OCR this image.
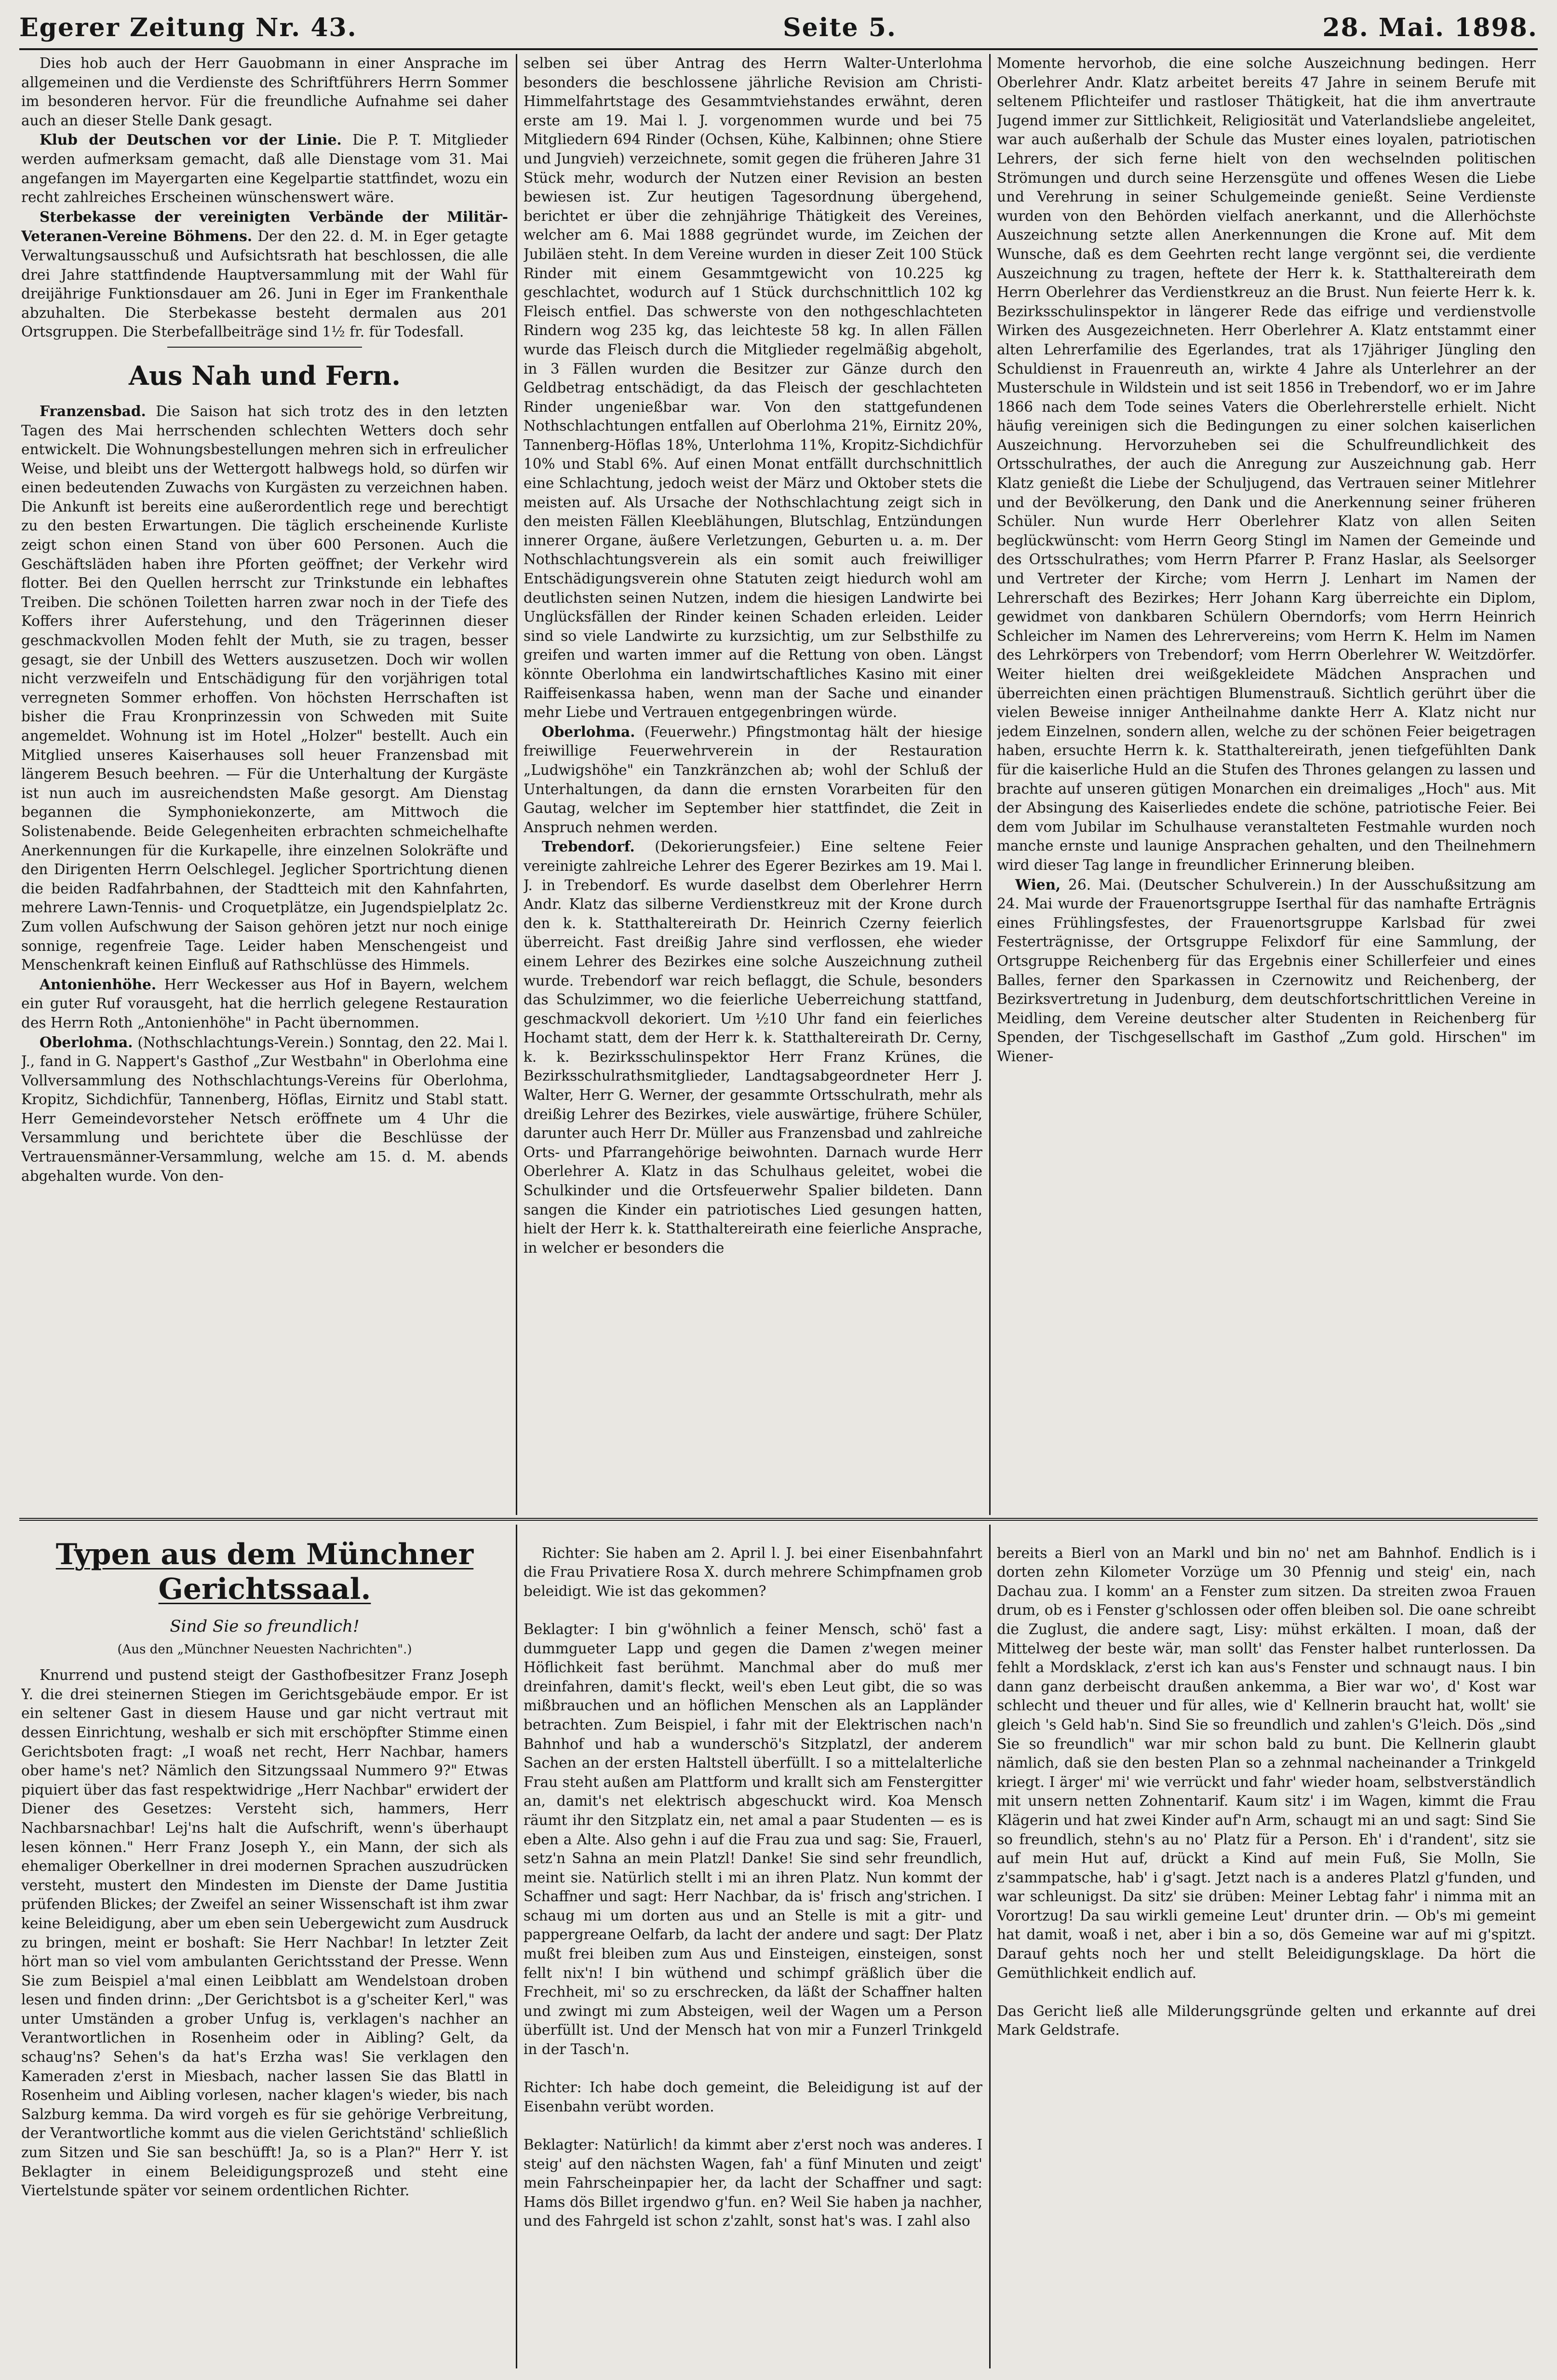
Egerer Zeitung Nr. 43.	Seite 5.	28. Mai. 1898.

Dies hob auch der Herr Gauobmann in einer Ansprache im allgemeinen und die Verdienste des Schriftführers Herrn Sommer im besonderen hervor. Für die freundliche Aufnahme sei daher auch an dieser Stelle Dank gesagt.

Klub der Deutschen vor der Linie. Die P. T. Mitglieder werden aufmerksam gemacht, daß alle Dienstage vom 31. Mai angefangen im Mayergarten eine Kegelpartie stattfindet, wozu ein recht zahlreiches Erscheinen wünschenswert wäre.

Sterbekasse der vereinigten Verbände der Militär-Veteranen-Vereine Böhmens. Der den 22. d. M. in Eger getagte Verwaltungsausschuß und Aufsichtsrath hat beschlossen, die alle drei Jahre stattfindende Hauptversammlung mit der Wahl für dreijährige Funktionsdauer am 26. Juni in Eger im Frankenthale abzuhalten. Die Sterbekasse besteht dermalen aus 201 Ortsgruppen. Die Sterbefallbeiträge sind 1½ fr. für Todesfall.

Aus Nah und Fern.

Franzensbad. Die Saison hat sich trotz des in den letzten Tagen des Mai herrschenden schlechten Wetters doch sehr entwickelt. Die Wohnungsbestellungen mehren sich in erfreulicher Weise, und bleibt uns der Wettergott halbwegs hold, so dürfen wir einen bedeutenden Zuwachs von Kurgästen zu verzeichnen haben. Die Ankunft ist bereits eine außerordentlich rege und berechtigt zu den besten Erwartungen. Die täglich erscheinende Kurliste zeigt schon einen Stand von über 600 Personen. Auch die Geschäftsläden haben ihre Pforten geöffnet; der Verkehr wird flotter. Bei den Quellen herrscht zur Trinkstunde ein lebhaftes Treiben. Die schönen Toiletten harren zwar noch in der Tiefe des Koffers ihrer Auferstehung, und den Trägerinnen dieser geschmackvollen Moden fehlt der Muth, sie zu tragen, besser gesagt, sie der Unbill des Wetters auszusetzen. Doch wir wollen nicht verzweifeln und Entschädigung für den vorjährigen total verregneten Sommer erhoffen. Von höchsten Herrschaften ist bisher die Frau Kronprinzessin von Schweden mit Suite angemeldet. Wohnung ist im Hotel „Holzer" bestellt. Auch ein Mitglied unseres Kaiserhauses soll heuer Franzensbad mit längerem Besuch beehren. — Für die Unterhaltung der Kurgäste ist nun auch im ausreichendsten Maße gesorgt. Am Dienstag begannen die Symphoniekonzerte, am Mittwoch die Solistenabende. Beide Gelegenheiten erbrachten schmeichelhafte Anerkennungen für die Kurkapelle, ihre einzelnen Solokräfte und den Dirigenten Herrn Oelschlegel. Jeglicher Sportrichtung dienen die beiden Radfahrbahnen, der Stadtteich mit den Kahnfahrten, mehrere Lawn-Tennis- und Croquetplätze, ein Jugendspielplatz 2c. Zum vollen Aufschwung der Saison gehören jetzt nur noch einige sonnige, regenfreie Tage. Leider haben Menschengeist und Menschenkraft keinen Einfluß auf Rathschlüsse des Himmels.

Antonienhöhe. Herr Weckesser aus Hof in Bayern, welchem ein guter Ruf vorausgeht, hat die herrlich gelegene Restauration des Herrn Roth „Antonienhöhe" in Pacht übernommen.

Oberlohma. (Nothschlachtungs-Verein.) Sonntag, den 22. Mai l. J., fand in G. Nappert's Gasthof „Zur Westbahn" in Oberlohma eine Vollversammlung des Nothschlachtungs-Vereins für Oberlohma, Kropitz, Sichdichfür, Tannenberg, Höflas, Eirnitz und Stabl statt. Herr Gemeindevorsteher Netsch eröffnete um 4 Uhr die Versammlung und berichtete über die Beschlüsse der Vertrauensmänner-Versammlung, welche am 15. d. M. abends abgehalten wurde. Von den-

selben sei über Antrag des Herrn Walter-Unterlohma besonders die beschlossene jährliche Revision am Christi-Himmelfahrtstage des Gesammtviehstandes erwähnt, deren erste am 19. Mai l. J. vorgenommen wurde und bei 75 Mitgliedern 694 Rinder (Ochsen, Kühe, Kalbinnen; ohne Stiere und Jungvieh) verzeichnete, somit gegen die früheren Jahre 31 Stück mehr, wodurch der Nutzen einer Revision an besten bewiesen ist. Zur heutigen Tagesordnung übergehend, berichtet er über die zehnjährige Thätigkeit des Vereines, welcher am 6. Mai 1888 gegründet wurde, im Zeichen der Jubiläen steht. In dem Vereine wurden in dieser Zeit 100 Stück Rinder mit einem Gesammtgewicht von 10.225 kg geschlachtet, wodurch auf 1 Stück durchschnittlich 102 kg Fleisch entfiel. Das schwerste von den nothgeschlachteten Rindern wog 235 kg, das leichteste 58 kg. In allen Fällen wurde das Fleisch durch die Mitglieder regelmäßig abgeholt, in 3 Fällen wurden die Besitzer zur Gänze durch den Geldbetrag entschädigt, da das Fleisch der geschlachteten Rinder ungenießbar war. Von den stattgefundenen Nothschlachtungen entfallen auf Oberlohma 21%, Eirnitz 20%, Tannenberg-Höflas 18%, Unterlohma 11%, Kropitz-Sichdichfür 10% und Stabl 6%. Auf einen Monat entfällt durchschnittlich eine Schlachtung, jedoch weist der März und Oktober stets die meisten auf. Als Ursache der Nothschlachtung zeigt sich in den meisten Fällen Kleeblähungen, Blutschlag, Entzündungen innerer Organe, äußere Verletzungen, Geburten u. a. m. Der Nothschlachtungsverein als ein somit auch freiwilliger Entschädigungsverein ohne Statuten zeigt hiedurch wohl am deutlichsten seinen Nutzen, indem die hiesigen Landwirte bei Unglücksfällen der Rinder keinen Schaden erleiden. Leider sind so viele Landwirte zu kurzsichtig, um zur Selbsthilfe zu greifen und warten immer auf die Rettung von oben. Längst könnte Oberlohma ein landwirtschaftliches Kasino mit einer Raiffeisenkassa haben, wenn man der Sache und einander mehr Liebe und Vertrauen entgegenbringen würde.

Oberlohma. (Feuerwehr.) Pfingstmontag hält der hiesige freiwillige Feuerwehrverein in der Restauration „Ludwigshöhe" ein Tanzkränzchen ab; wohl der Schluß der Unterhaltungen, da dann die ernsten Vorarbeiten für den Gautag, welcher im September hier stattfindet, die Zeit in Anspruch nehmen werden.

Trebendorf. (Dekorierungsfeier.) Eine seltene Feier vereinigte zahlreiche Lehrer des Egerer Bezirkes am 19. Mai l. J. in Trebendorf. Es wurde daselbst dem Oberlehrer Herrn Andr. Klatz das silberne Verdienstkreuz mit der Krone durch den k. k. Statthaltereirath Dr. Heinrich Czerny feierlich überreicht. Fast dreißig Jahre sind verflossen, ehe wieder einem Lehrer des Bezirkes eine solche Auszeichnung zutheil wurde. Trebendorf war reich beflaggt, die Schule, besonders das Schulzimmer, wo die feierliche Ueberreichung stattfand, geschmackvoll dekoriert. Um ½10 Uhr fand ein feierliches Hochamt statt, dem der Herr k. k. Statthaltereirath Dr. Cerny, k. k. Bezirksschulinspektor Herr Franz Krünes, die Bezirksschulrathsmitglieder, Landtagsabgeordneter Herr J. Walter, Herr G. Werner, der gesammte Ortsschulrath, mehr als dreißig Lehrer des Bezirkes, viele auswärtige, frühere Schüler, darunter auch Herr Dr. Müller aus Franzensbad und zahlreiche Orts- und Pfarrangehörige beiwohnten. Darnach wurde Herr Oberlehrer A. Klatz in das Schulhaus geleitet, wobei die Schulkinder und die Ortsfeuerwehr Spalier bildeten. Dann sangen die Kinder ein patriotisches Lied gesungen hatten, hielt der Herr k. k. Statthaltereirath eine feierliche Ansprache, in welcher er besonders die

Momente hervorhob, die eine solche Auszeichnung bedingen. Herr Oberlehrer Andr. Klatz arbeitet bereits 47 Jahre in seinem Berufe mit seltenem Pflichteifer und rastloser Thätigkeit, hat die ihm anvertraute Jugend immer zur Sittlichkeit, Religiosität und Vaterlandsliebe angeleitet, war auch außerhalb der Schule das Muster eines loyalen, patriotischen Lehrers, der sich ferne hielt von den wechselnden politischen Strömungen und durch seine Herzensgüte und offenes Wesen die Liebe und Verehrung in seiner Schulgemeinde genießt. Seine Verdienste wurden von den Behörden vielfach anerkannt, und die Allerhöchste Auszeichnung setzte allen Anerkennungen die Krone auf. Mit dem Wunsche, daß es dem Geehrten recht lange vergönnt sei, die verdiente Auszeichnung zu tragen, heftete der Herr k. k. Statthaltereirath dem Herrn Oberlehrer das Verdienstkreuz an die Brust. Nun feierte Herr k. k. Bezirksschulinspektor in längerer Rede das eifrige und verdienstvolle Wirken des Ausgezeichneten. Herr Oberlehrer A. Klatz entstammt einer alten Lehrerfamilie des Egerlandes, trat als 17jähriger Jüngling den Schuldienst in Frauenreuth an, wirkte 4 Jahre als Unterlehrer an der Musterschule in Wildstein und ist seit 1856 in Trebendorf, wo er im Jahre 1866 nach dem Tode seines Vaters die Oberlehrerstelle erhielt. Nicht häufig vereinigen sich die Bedingungen zu einer solchen kaiserlichen Auszeichnung. Hervorzuheben sei die Schulfreundlichkeit des Ortsschulrathes, der auch die Anregung zur Auszeichnung gab. Herr Klatz genießt die Liebe der Schuljugend, das Vertrauen seiner Mitlehrer und der Bevölkerung, den Dank und die Anerkennung seiner früheren Schüler. Nun wurde Herr Oberlehrer Klatz von allen Seiten beglückwünscht: vom Herrn Georg Stingl im Namen der Gemeinde und des Ortsschulrathes; vom Herrn Pfarrer P. Franz Haslar, als Seelsorger und Vertreter der Kirche; vom Herrn J. Lenhart im Namen der Lehrerschaft des Bezirkes; Herr Johann Karg überreichte ein Diplom, gewidmet von dankbaren Schülern Oberndorfs; vom Herrn Heinrich Schleicher im Namen des Lehrervereins; vom Herrn K. Helm im Namen des Lehrkörpers von Trebendorf; vom Herrn Oberlehrer W. Weitzdörfer. Weiter hielten drei weißgekleidete Mädchen Ansprachen und überreichten einen prächtigen Blumenstrauß. Sichtlich gerührt über die vielen Beweise inniger Antheilnahme dankte Herr A. Klatz nicht nur jedem Einzelnen, sondern allen, welche zu der schönen Feier beigetragen haben, ersuchte Herrn k. k. Statthaltereirath, jenen tiefgefühlten Dank für die kaiserliche Huld an die Stufen des Thrones gelangen zu lassen und brachte auf unseren gütigen Monarchen ein dreimaliges „Hoch" aus. Mit der Absingung des Kaiserliedes endete die schöne, patriotische Feier. Bei dem vom Jubilar im Schulhause veranstalteten Festmahle wurden noch manche ernste und launige Ansprachen gehalten, und den Theilnehmern wird dieser Tag lange in freundlicher Erinnerung bleiben.

Wien, 26. Mai. (Deutscher Schulverein.) In der Ausschußsitzung am 24. Mai wurde der Frauenortsgruppe Iserthal für das namhafte Erträgnis eines Frühlingsfestes, der Frauenortsgruppe Karlsbad für zwei Festerträgnisse, der Ortsgruppe Felixdorf für eine Sammlung, der Ortsgruppe Reichenberg für das Ergebnis einer Schillerfeier und eines Balles, ferner den Sparkassen in Czernowitz und Reichenberg, der Bezirksvertretung in Judenburg, dem deutschfortschrittlichen Vereine in Meidling, dem Vereine deutscher alter Studenten in Reichenberg für Spenden, der Tischgesellschaft im Gasthof „Zum gold. Hirschen" im Wiener-

Typen aus dem Münchner Gerichtssaal.
Sind Sie so freundlich!

(Aus den „Münchner Neuesten Nachrichten".)

Knurrend und pustend steigt der Gasthofbesitzer Franz Joseph Y. die drei steinernen Stiegen im Gerichtsgebäude empor. Er ist ein seltener Gast in diesem Hause und gar nicht vertraut mit dessen Einrichtung, weshalb er sich mit erschöpfter Stimme einen Gerichtsboten fragt: „I woaß net recht, Herr Nachbar, hamers ober hame's net? Nämlich den Sitzungssaal Nummero 9?" Etwas piquiert über das fast respektwidrige „Herr Nachbar" erwidert der Diener des Gesetzes: Versteht sich, hammers, Herr Nachbarsnachbar! Lej'ns halt die Aufschrift, wenn's überhaupt lesen können." Herr Franz Joseph Y., ein Mann, der sich als ehemaliger Oberkellner in drei modernen Sprachen auszudrücken versteht, mustert den Mindesten im Dienste der Dame Justitia prüfenden Blickes; der Zweifel an seiner Wissenschaft ist ihm zwar keine Beleidigung, aber um eben sein Uebergewicht zum Ausdruck zu bringen, meint er boshaft: Sie Herr Nachbar! In letzter Zeit hört man so viel vom ambulanten Gerichtsstand der Presse. Wenn Sie zum Beispiel a'mal einen Leibblatt am Wendelstoan droben lesen und finden drinn: „Der Gerichtsbot is a g'scheiter Kerl," was unter Umständen a grober Unfug is, verklagen's nachher an Verantwortlichen in Rosenheim oder in Aibling? Gelt, da schaug'ns? Sehen's da hat's Erzha was! Sie verklagen den Kameraden z'erst in Miesbach, nacher lassen Sie das Blattl in Rosenheim und Aibling vorlesen, nacher klagen's wieder, bis nach Salzburg kemma. Da wird vorgeh es für sie gehörige Verbreitung, der Verantwortliche kommt aus die vielen Gerichtständ' schließlich zum Sitzen und Sie san beschüfft! Ja, so is a Plan?" Herr Y. ist Beklagter in einem Beleidigungsprozeß und steht eine Viertelstunde später vor seinem ordentlichen Richter.

Richter: Sie haben am 2. April l. J. bei einer Eisenbahnfahrt die Frau Privatiere Rosa X. durch mehrere Schimpfnamen grob beleidigt. Wie ist das gekommen?

Beklagter: I bin g'wöhnlich a feiner Mensch, schö' fast a dummgueter Lapp und gegen die Damen z'wegen meiner Höflichkeit fast berühmt. Manchmal aber do muß mer dreinfahren, damit's fleckt, weil's eben Leut gibt, die so was mißbrauchen und an höflichen Menschen als an Lappländer betrachten. Zum Beispiel, i fahr mit der Elektrischen nach'n Bahnhof und hab a wunderschö's Sitzplatzl, der anderem Sachen an der ersten Haltstell überfüllt. I so a mittelalterliche Frau steht außen am Plattform und krallt sich am Fenstergitter an, damit's net elektrisch abgeschuckt wird. Koa Mensch räumt ihr den Sitzplatz ein, net amal a paar Studenten — es is eben a Alte. Also gehn i auf die Frau zua und sag: Sie, Frauerl, setz'n Sahna an mein Platzl! Danke! Sie sind sehr freundlich, meint sie. Natürlich stellt i mi an ihren Platz. Nun kommt der Schaffner und sagt: Herr Nachbar, da is' frisch ang'strichen. I schaug mi um dorten aus und an Stelle is mit a gitr- und pappergreane Oelfarb, da lacht der andere und sagt: Der Platz mußt frei bleiben zum Aus und Einsteigen, einsteigen, sonst fellt nix'n! I bin wüthend und schimpf gräßlich über die Frechheit, mi' so zu erschrecken, da läßt der Schaffner halten und zwingt mi zum Absteigen, weil der Wagen um a Person überfüllt ist. Und der Mensch hat von mir a Funzerl Trinkgeld in der Tasch'n.

Richter: Ich habe doch gemeint, die Beleidigung ist auf der Eisenbahn verübt worden.

Beklagter: Natürlich! da kimmt aber z'erst noch was anderes. I steig' auf den nächsten Wagen, fah' a fünf Minuten und zeigt' mein Fahrscheinpapier her, da lacht der Schaffner und sagt: Hams dös Billet irgendwo g'fun. en? Weil Sie haben ja nachher, und des Fahrgeld ist schon z'zahlt, sonst hat's was. I zahl also

bereits a Bierl von an Markl und bin no' net am Bahnhof. Endlich is i dorten zehn Kilometer Vorzüge um 30 Pfennig und steig' ein, nach Dachau zua. I komm' an a Fenster zum sitzen. Da streiten zwoa Frauen drum, ob es i Fenster g'schlossen oder offen bleiben sol. Die oane schreibt die Zuglust, die andere sagt, Lisy: mühst erkälten. I moan, daß der Mittelweg der beste wär, man sollt' das Fenster halbet runterlossen. Da fehlt a Mordsklack, z'erst ich kan aus's Fenster und schnaugt naus. I bin dann ganz derbeischt draußen ankemma, a Bier war wo', d' Kost war schlecht und theuer und für alles, wie d' Kellnerin braucht hat, wollt' sie gleich 's Geld hab'n. Sind Sie so freundlich und zahlen's G'leich. Dös „sind Sie so freundlich" war mir schon bald zu bunt. Die Kellnerin glaubt nämlich, daß sie den besten Plan so a zehnmal nacheinander a Trinkgeld kriegt. I ärger' mi' wie verrückt und fahr' wieder hoam, selbstverständlich mit unsern netten Zohnentarif. Kaum sitz' i im Wagen, kimmt die Frau Klägerin und hat zwei Kinder auf'n Arm, schaugt mi an und sagt: Sind Sie so freundlich, stehn's au no' Platz für a Person. Eh' i d'randent', sitz sie auf mein Hut auf, drückt a Kind auf mein Fuß, Sie Molln, Sie z'sammpatsche, hab' i g'sagt. Jetzt nach is a anderes Platzl g'funden, und war schleunigst. Da sitz' sie drüben: Meiner Lebtag fahr' i nimma mit an Vorortzug! Da sau wirkli gemeine Leut' drunter drin. — Ob's mi gemeint hat damit, woaß i net, aber i bin a so, dös Gemeine war auf mi g'spitzt. Darauf gehts noch her und stellt Beleidigungsklage. Da hört die Gemüthlichkeit endlich auf.

Das Gericht ließ alle Milderungsgründe gelten und erkannte auf drei Mark Geldstrafe.
